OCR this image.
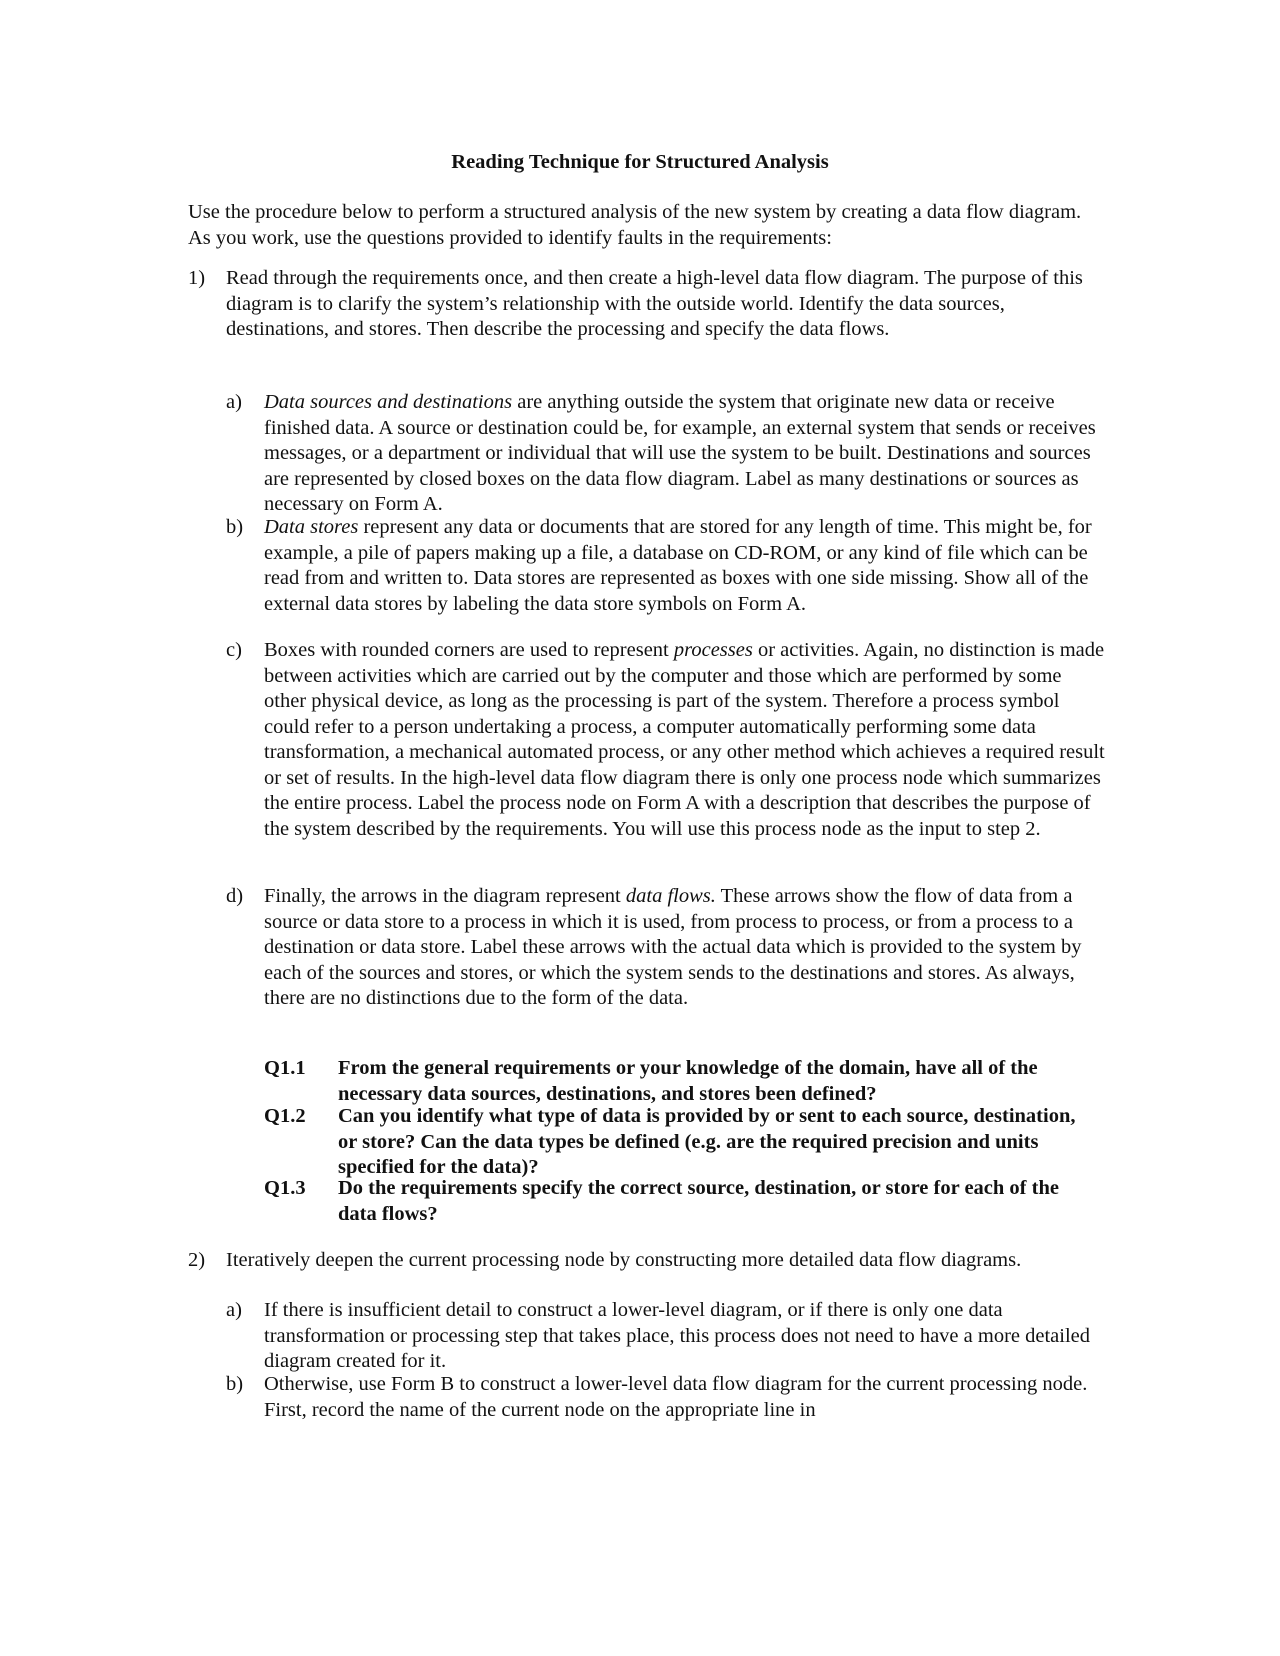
Reading Technique for Structured Analysis

Use the procedure below to perform a structured analysis of the new system by creating a data flow diagram. As you work, use the questions provided to identify faults in the requirements:

1) Read through the requirements once, and then create a high-level data flow diagram. The purpose of this diagram is to clarify the system’s relationship with the outside world. Identify the data sources, destinations, and stores. Then describe the processing and specify the data flows.

a) Data sources and destinations are anything outside the system that originate new data or receive finished data. A source or destination could be, for example, an external system that sends or receives messages, or a department or individual that will use the system to be built. Destinations and sources are represented by closed boxes on the data flow diagram. Label as many destinations or sources as necessary on Form A.

b) Data stores represent any data or documents that are stored for any length of time. This might be, for example, a pile of papers making up a file, a database on CD-ROM, or any kind of file which can be read from and written to. Data stores are represented as boxes with one side missing. Show all of the external data stores by labeling the data store symbols on Form A.

c) Boxes with rounded corners are used to represent processes or activities. Again, no distinction is made between activities which are carried out by the computer and those which are performed by some other physical device, as long as the processing is part of the system. Therefore a process symbol could refer to a person undertaking a process, a computer automatically performing some data transformation, a mechanical automated process, or any other method which achieves a required result or set of results. In the high-level data flow diagram there is only one process node which summarizes the entire process. Label the process node on Form A with a description that describes the purpose of the system described by the requirements. You will use this process node as the input to step 2.

d) Finally, the arrows in the diagram represent data flows. These arrows show the flow of data from a source or data store to a process in which it is used, from process to process, or from a process to a destination or data store. Label these arrows with the actual data which is provided to the system by each of the sources and stores, or which the system sends to the destinations and stores. As always, there are no distinctions due to the form of the data.

Q1.1 From the general requirements or your knowledge of the domain, have all of the necessary data sources, destinations, and stores been defined?

Q1.2 Can you identify what type of data is provided by or sent to each source, destination, or store? Can the data types be defined (e.g. are the required precision and units specified for the data)?

Q1.3 Do the requirements specify the correct source, destination, or store for each of the data flows?

2) Iteratively deepen the current processing node by constructing more detailed data flow diagrams.

a) If there is insufficient detail to construct a lower-level diagram, or if there is only one data transformation or processing step that takes place, this process does not need to have a more detailed diagram created for it.

b) Otherwise, use Form B to construct a lower-level data flow diagram for the current processing node. First, record the name of the current node on the appropriate line in
